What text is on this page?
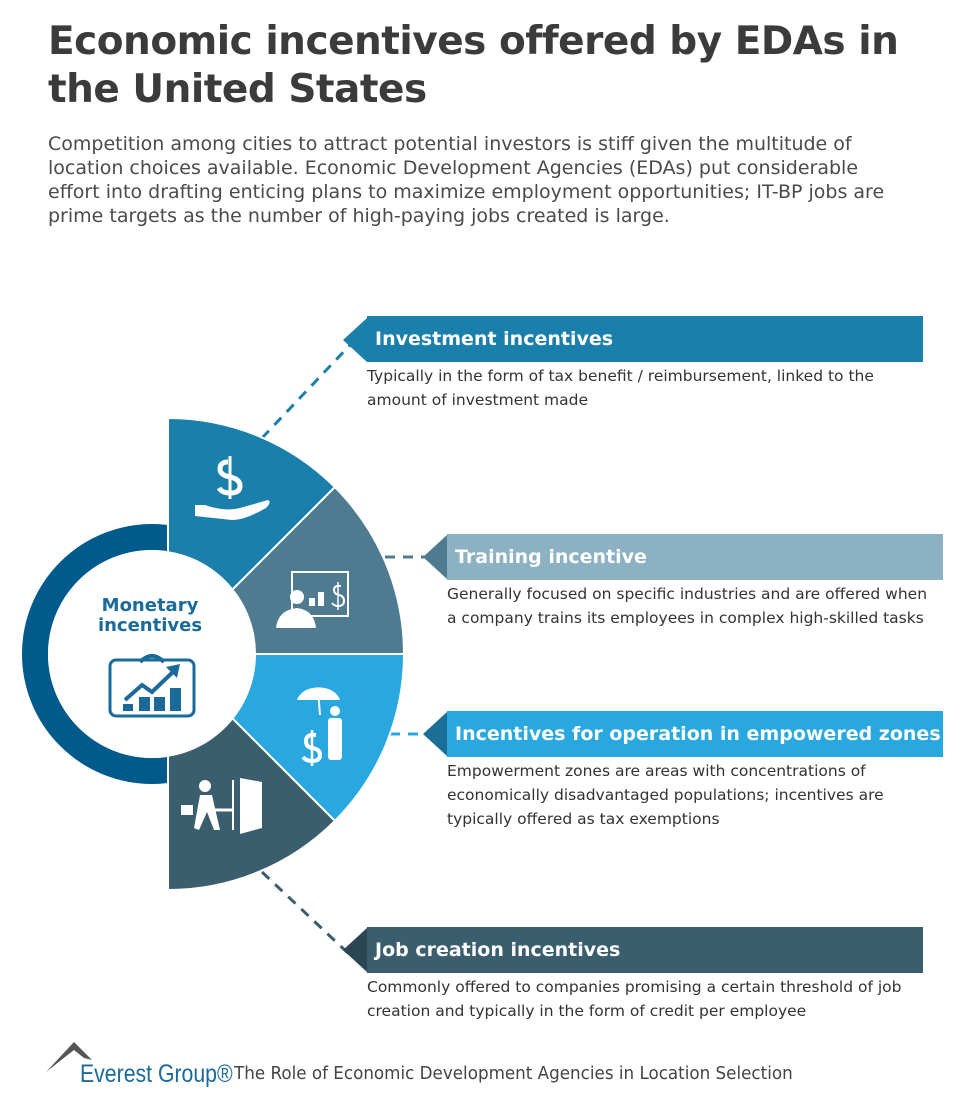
Economic incentives offered by EDAs in the United States

Competition among cities to attract potential investors is stiff given the multitude of location choices available. Economic Development Agencies (EDAs) put considerable effort into drafting enticing plans to maximize employment opportunities; IT-BP jobs are prime targets as the number of high-paying jobs created is large.

Monetary incentives
Investment incentives

Typically in the form of tax benefit / reimbursement, linked to the amount of investment made

Training incentive

Generally focused on specific industries and are offered when a company trains its employees in complex high-skilled tasks

Incentives for operation in empowered zones

Empowerment zones are areas with concentrations of economically disadvantaged populations; incentives are typically offered as tax exemptions

Job creation incentives

Commonly offered to companies promising a certain threshold of job creation and typically in the form of credit per employee

Everest Group® The Role of Economic Development Agencies in Location Selection
